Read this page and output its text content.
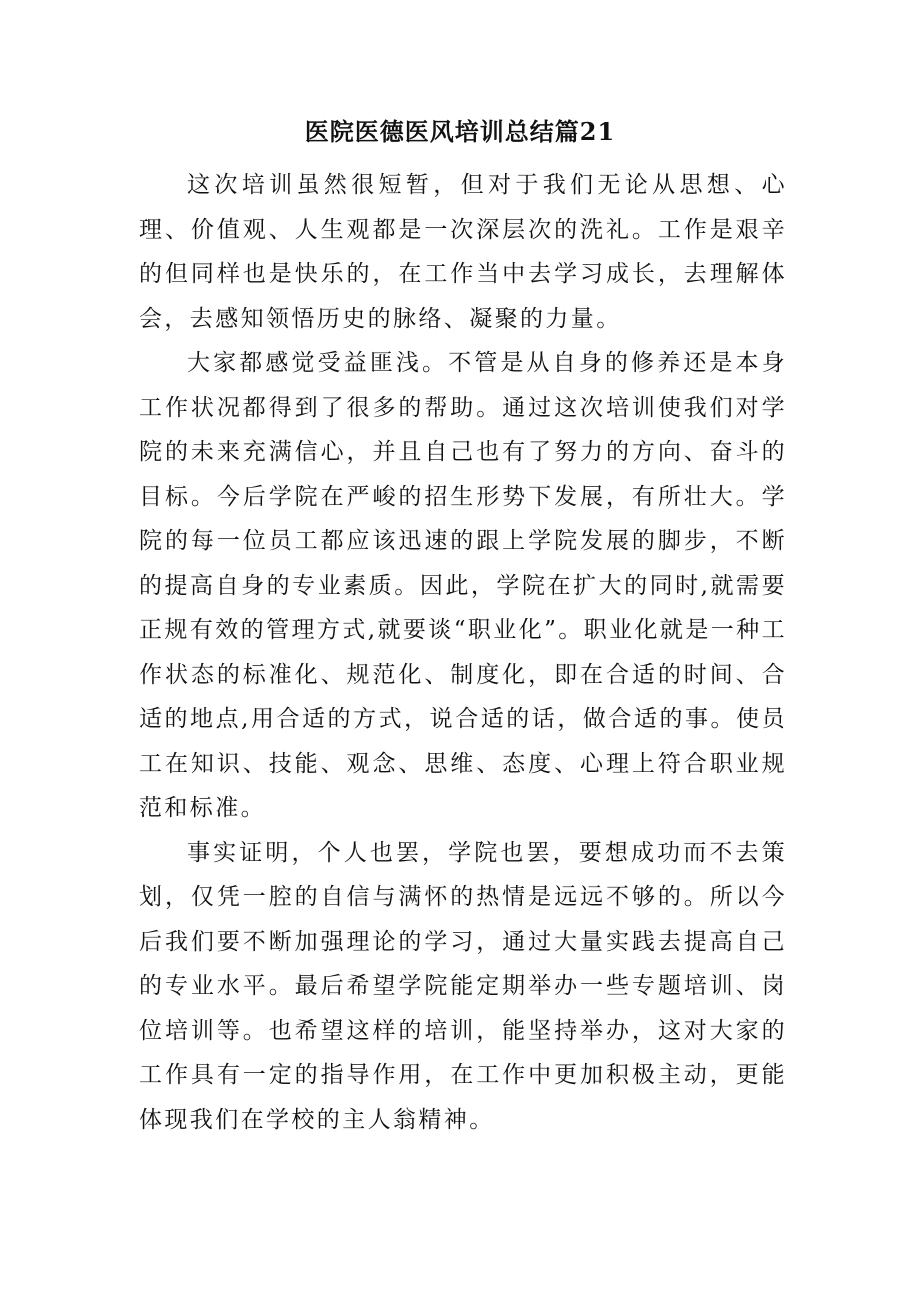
医院医德医风培训总结篇21

这次培训虽然很短暂，但对于我们无论从思想、心理、价值观、人生观都是一次深层次的洗礼。工作是艰辛的但同样也是快乐的，在工作当中去学习成长，去理解体会，去感知领悟历史的脉络、凝聚的力量。

大家都感觉受益匪浅。不管是从自身的修养还是本身工作状况都得到了很多的帮助。通过这次培训使我们对学院的未来充满信心，并且自己也有了努力的方向、奋斗的目标。今后学院在严峻的招生形势下发展，有所壮大。学院的每一位员工都应该迅速的跟上学院发展的脚步，不断的提高自身的专业素质。因此，学院在扩大的同时,就需要正规有效的管理方式,就要谈“职业化”。职业化就是一种工作状态的标准化、规范化、制度化，即在合适的时间、合适的地点,用合适的方式，说合适的话，做合适的事。使员工在知识、技能、观念、思维、态度、心理上符合职业规范和标准。

事实证明，个人也罢，学院也罢，要想成功而不去策划，仅凭一腔的自信与满怀的热情是远远不够的。所以今后我们要不断加强理论的学习，通过大量实践去提高自己的专业水平。最后希望学院能定期举办一些专题培训、岗位培训等。也希望这样的培训，能坚持举办，这对大家的工作具有一定的指导作用，在工作中更加积极主动，更能体现我们在学校的主人翁精神。
